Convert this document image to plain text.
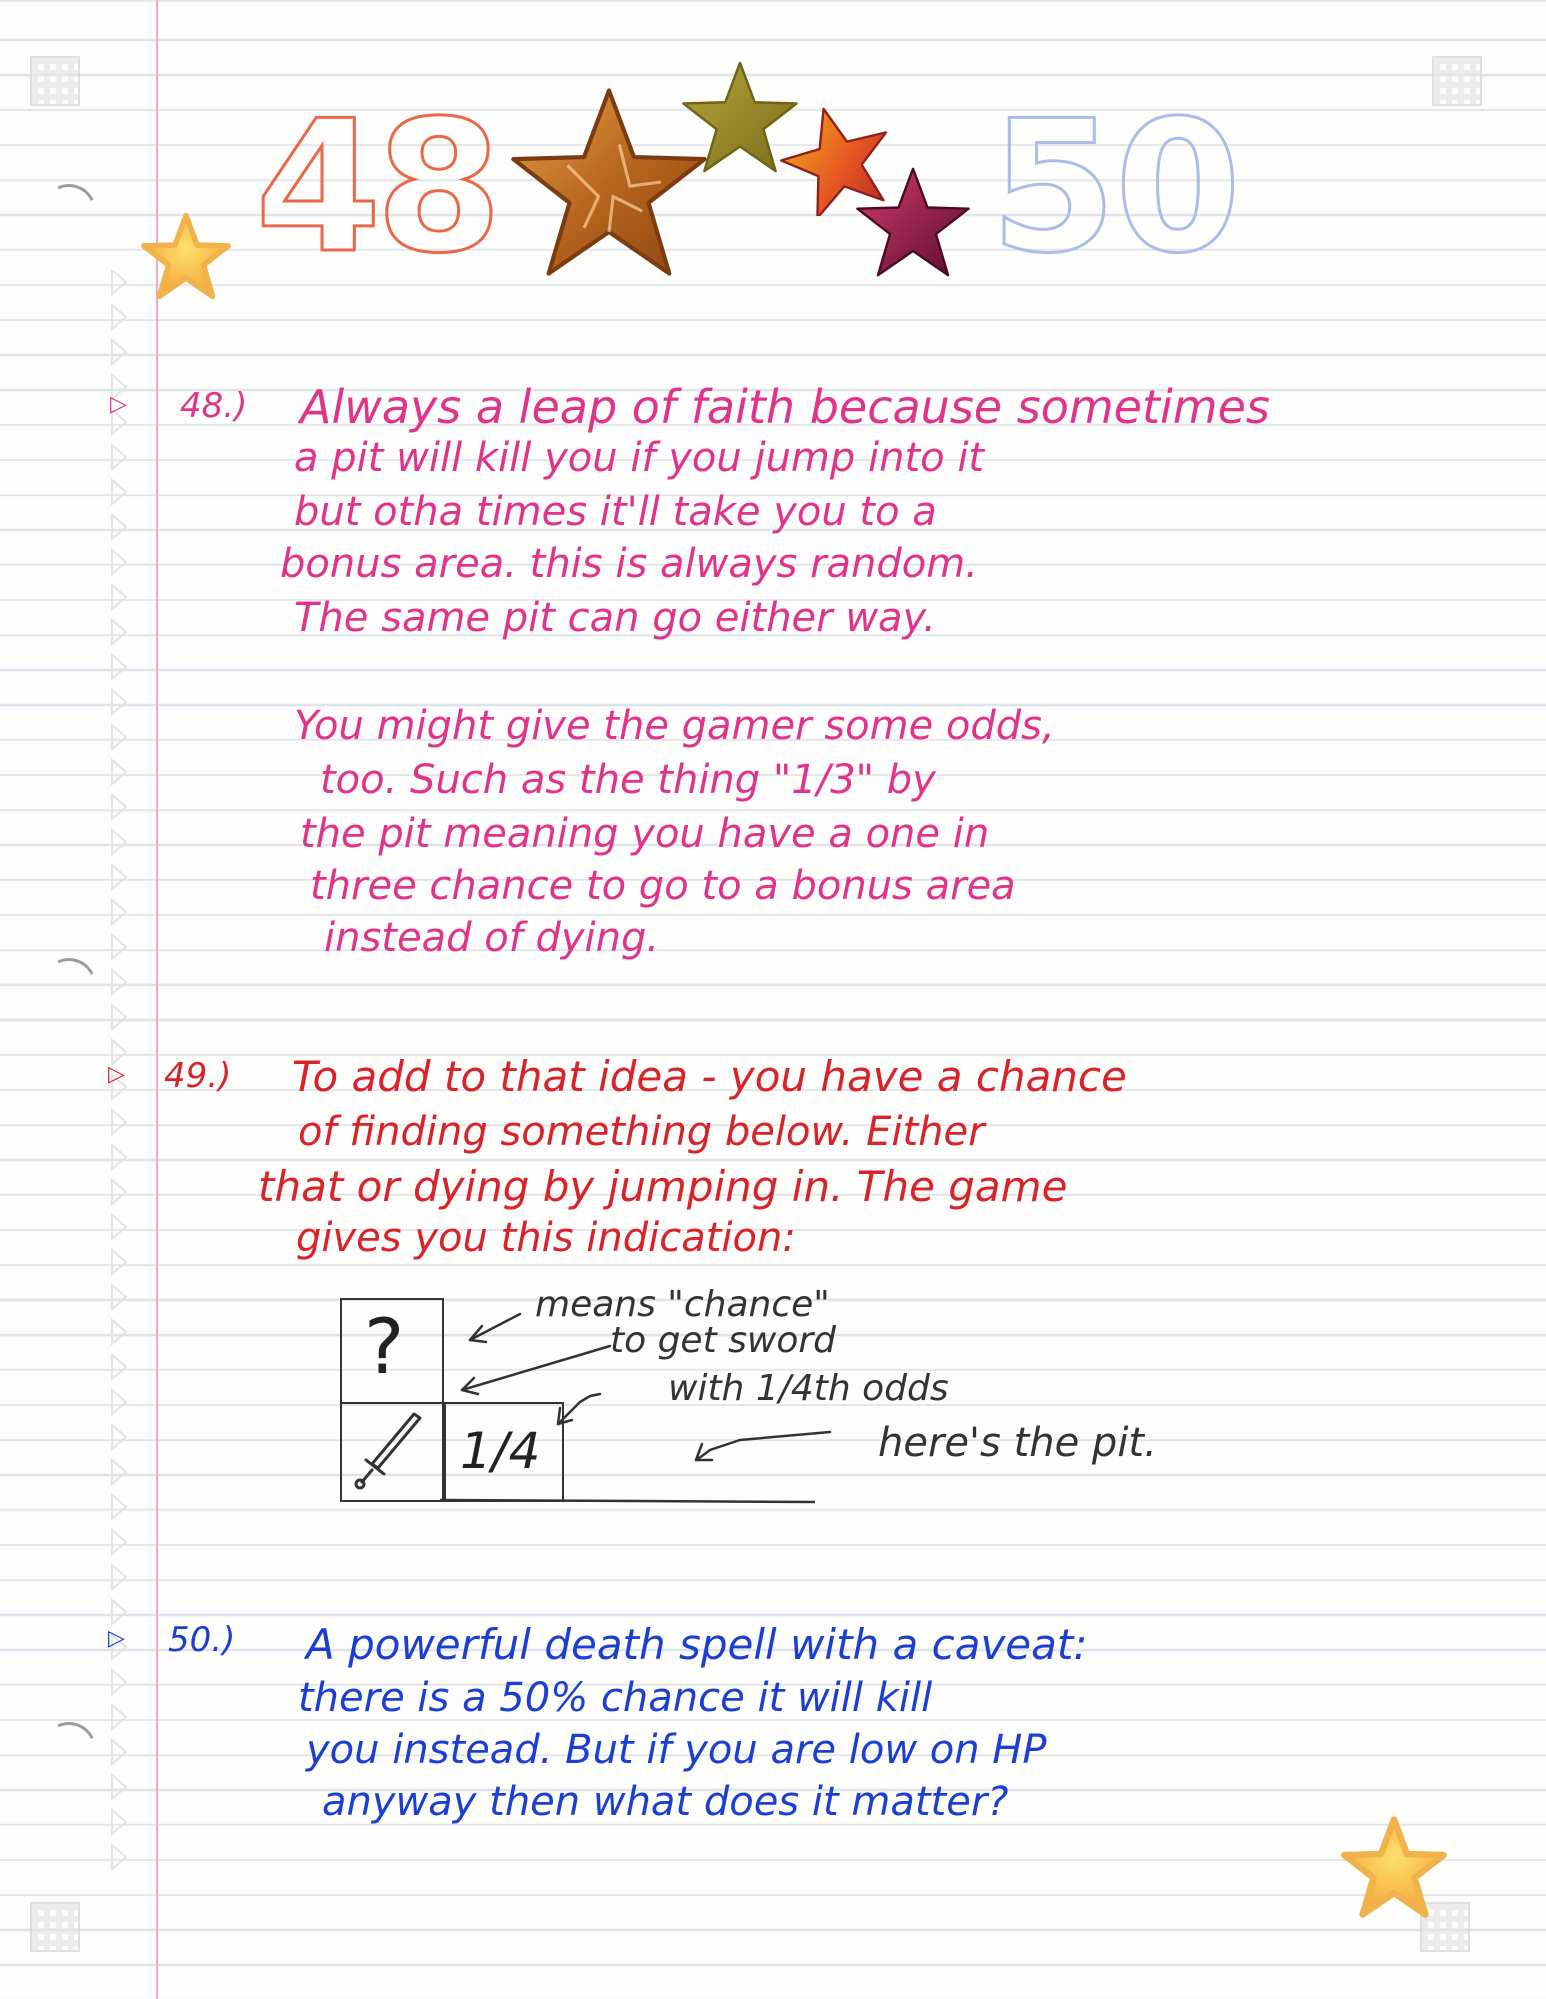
48	50
▷ 48.) Always a leap of faith because sometimes
a pit will kill you if you jump into it
but otha times it'll take you to a
bonus area. this is always random.
The same pit can go either way.
You might give the gamer some odds,
too. Such as the thing "1/3" by
the pit meaning you have a one in
three chance to go to a bonus area
instead of dying.
▷ 49.) To add to that idea - you have a chance
of finding something below. Either
that or dying by jumping in. The game
gives you this indication:
?
1/4
means "chance"
to get sword
with 1/4th odds
here's the pit.
▷ 50.) A powerful death spell with a caveat:
there is a 50% chance it will kill
you instead. But if you are low on HP
anyway then what does it matter?
